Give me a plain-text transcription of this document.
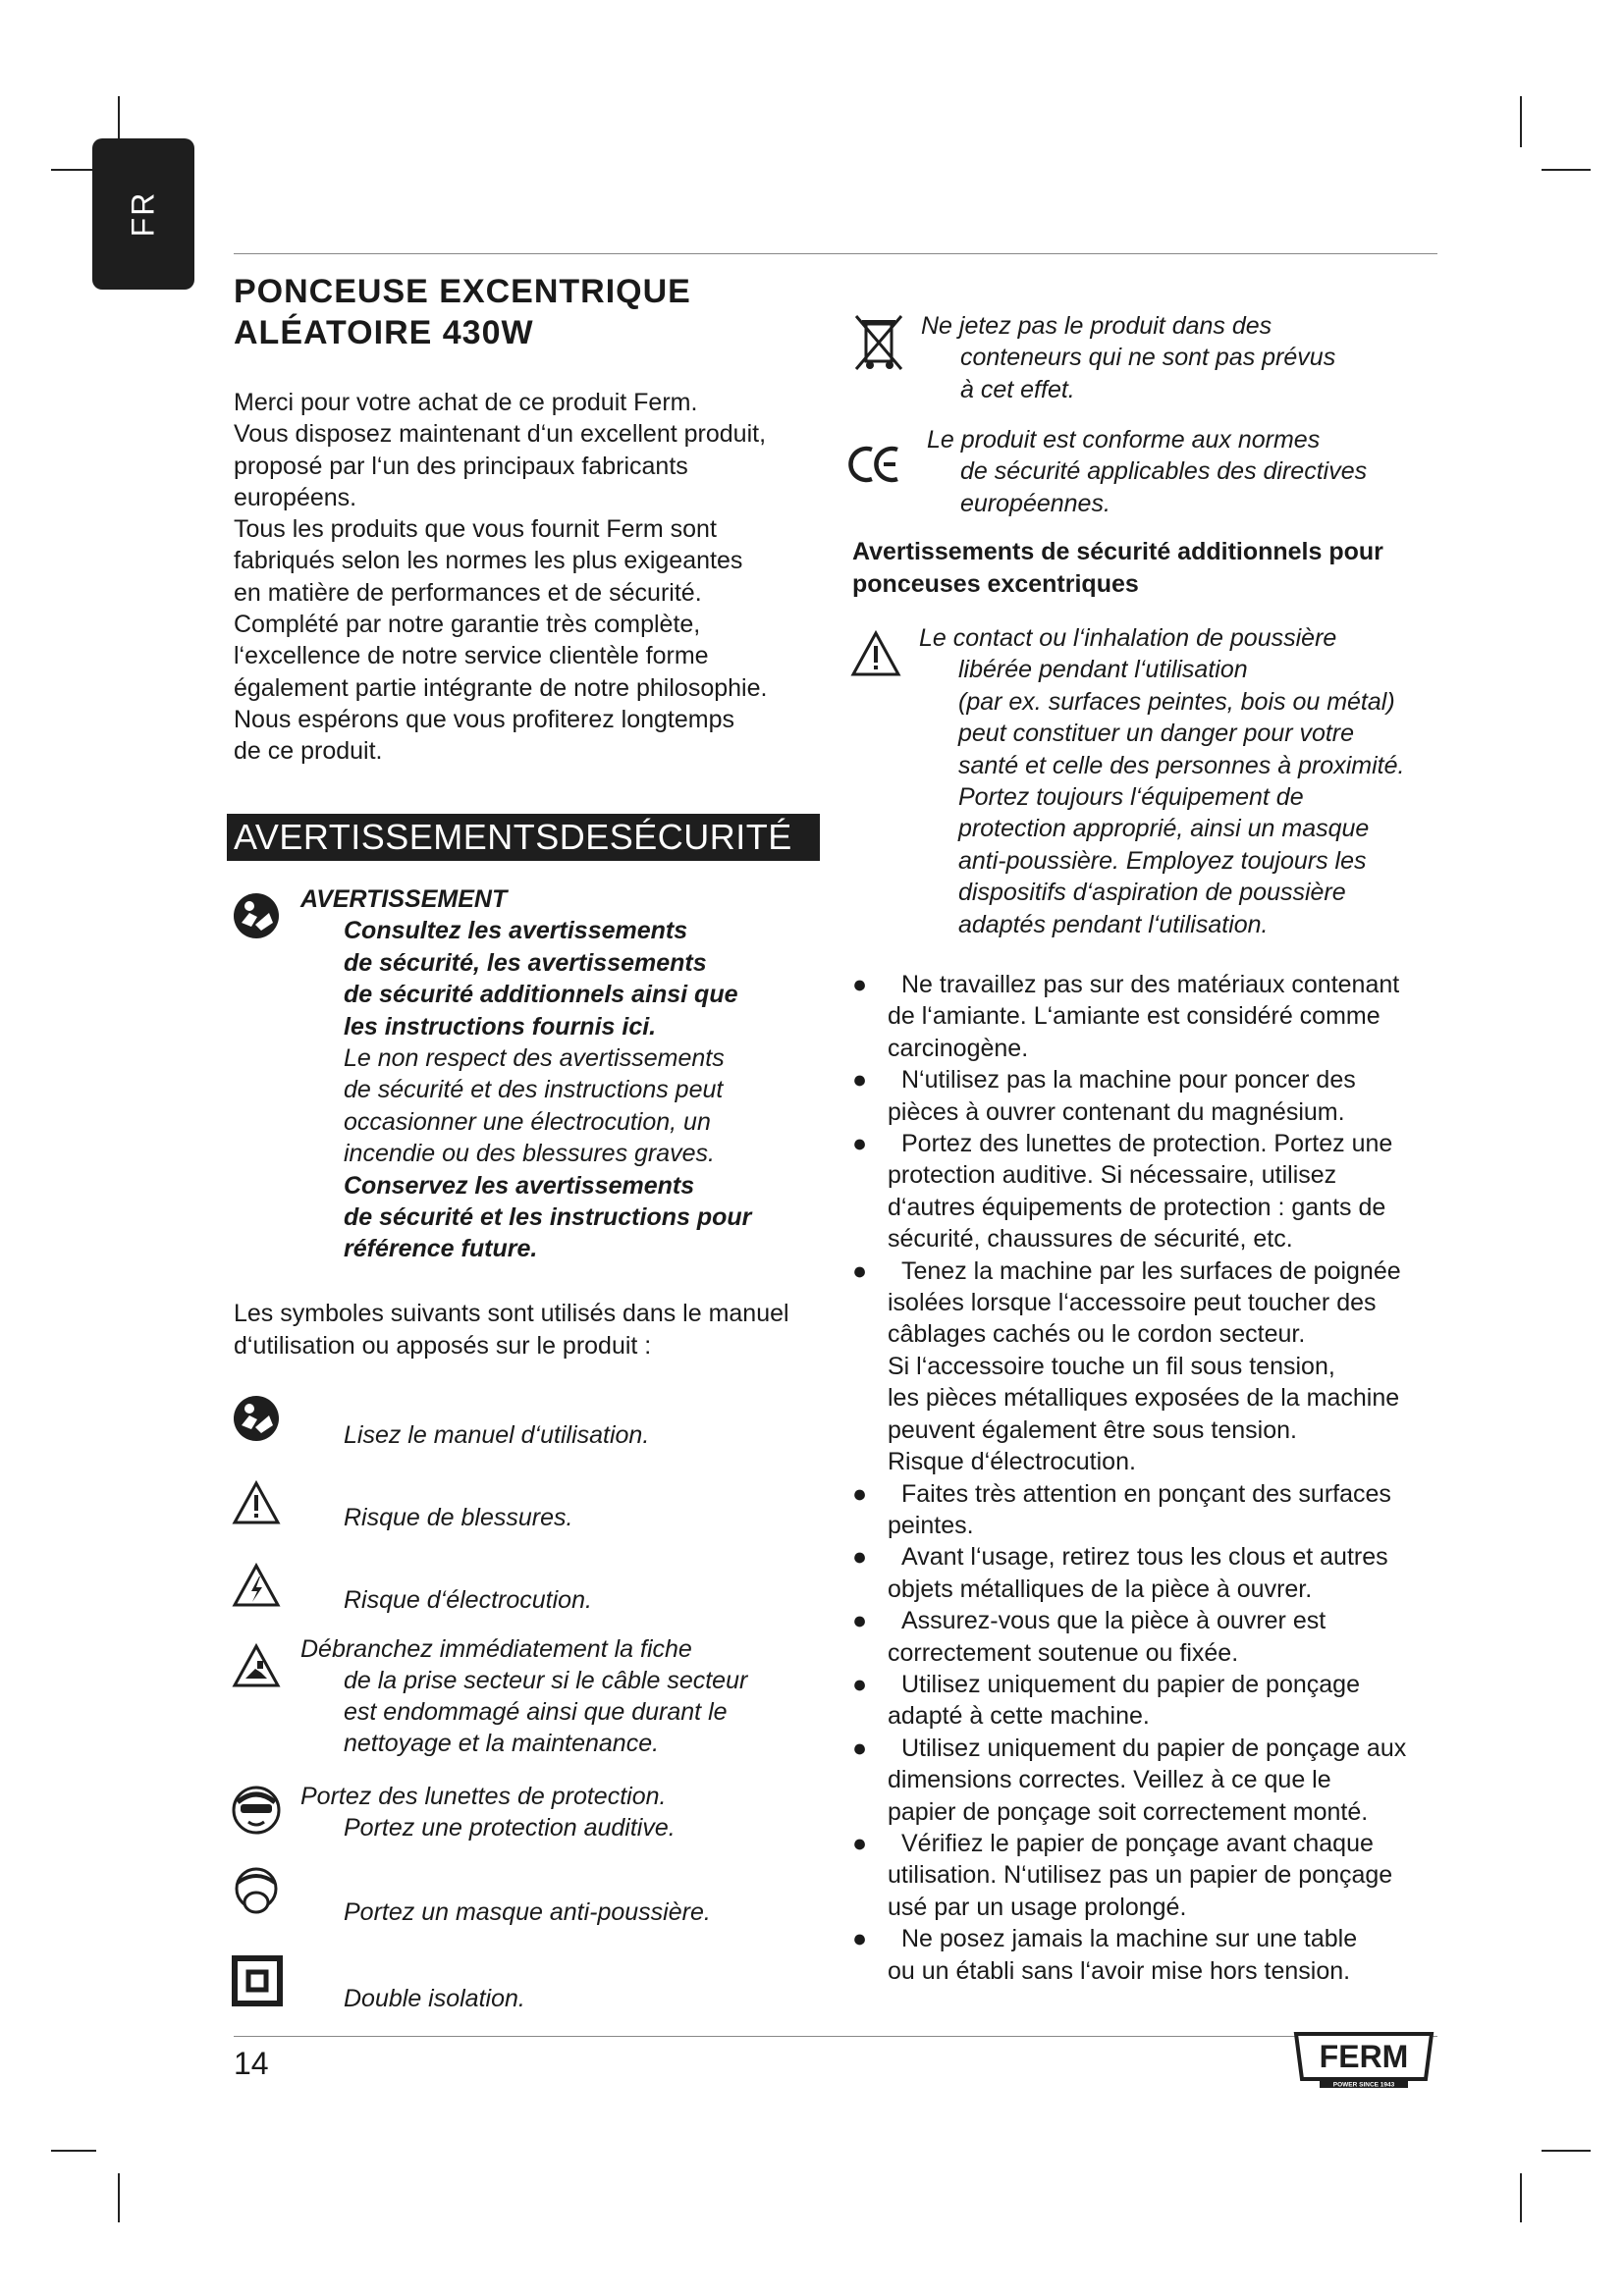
FR
PONCEUSE EXCENTRIQUE
ALÉATOIRE 430W

Merci pour votre achat de ce produit Ferm.

Vous disposez maintenant d‘un excellent produit,

proposé par l‘un des principaux fabricants

européens.

Tous les produits que vous fournit Ferm sont

fabriqués selon les normes les plus exigeantes

en matière de performances et de sécurité.

Complété par notre garantie très complète,

l‘excellence de notre service clientèle forme

également partie intégrante de notre philosophie.

Nous espérons que vous profiterez longtemps

de ce produit.

AVERTISSEMENTSDESÉCURITÉ
AVERTISSEMENT
Consultez les avertissements
de sécurité, les avertissements
de sécurité additionnels ainsi que
les instructions fournis ici.
Le non respect des avertissements
de sécurité et des instructions peut
occasionner une électrocution, un
incendie ou des blessures graves.
Conservez les avertissements
de sécurité et les instructions pour
référence future.
Les symboles suivants sont utilisés dans le manuel
d‘utilisation ou apposés sur le produit :
Lisez le manuel d‘utilisation.
Risque de blessures.
Risque d‘électrocution.
Débranchez immédiatement la fiche
de la prise secteur si le câble secteur
est endommagé ainsi que durant le
nettoyage et la maintenance.
Portez des lunettes de protection.
Portez une protection auditive.
Portez un masque anti-poussière.
Double isolation.
Ne jetez pas le produit dans des
conteneurs qui ne sont pas prévus
à cet effet.
Le produit est conforme aux normes
de sécurité applicables des directives
européennes.
Avertissements de sécurité additionnels pour
ponceuses excentriques
Le contact ou l‘inhalation de poussière
libérée pendant l‘utilisation
(par ex. surfaces peintes, bois ou métal)
peut constituer un danger pour votre
santé et celle des personnes à proximité.
Portez toujours l‘équipement de
protection approprié, ainsi un masque
anti-poussière. Employez toujours les
dispositifs d‘aspiration de poussière
adaptés pendant l‘utilisation.
●	Ne travaillez pas sur des matériaux contenant
de l‘amiante. L‘amiante est considéré comme
carcinogène.
●	N‘utilisez pas la machine pour poncer des
pièces à ouvrer contenant du magnésium.
●	Portez des lunettes de protection. Portez une
protection auditive. Si nécessaire, utilisez
d‘autres équipements de protection : gants de
sécurité, chaussures de sécurité, etc.
●	Tenez la machine par les surfaces de poignée
isolées lorsque l‘accessoire peut toucher des
câblages cachés ou le cordon secteur.
Si l‘accessoire touche un fil sous tension,
les pièces métalliques exposées de la machine
peuvent également être sous tension.
Risque d‘électrocution.
●	Faites très attention en ponçant des surfaces
peintes.
●	Avant l‘usage, retirez tous les clous et autres
objets métalliques de la pièce à ouvrer.
●	Assurez-vous que la pièce à ouvrer est
correctement soutenue ou fixée.
●	Utilisez uniquement du papier de ponçage
adapté à cette machine.
●	Utilisez uniquement du papier de ponçage aux
dimensions correctes. Veillez à ce que le
papier de ponçage soit correctement monté.
●	Vérifiez le papier de ponçage avant chaque
utilisation. N‘utilisez pas un papier de ponçage
usé par un usage prolongé.
●	Ne posez jamais la machine sur une table
ou un établi sans l‘avoir mise hors tension.
14	FERM
POWER SINCE 1943
